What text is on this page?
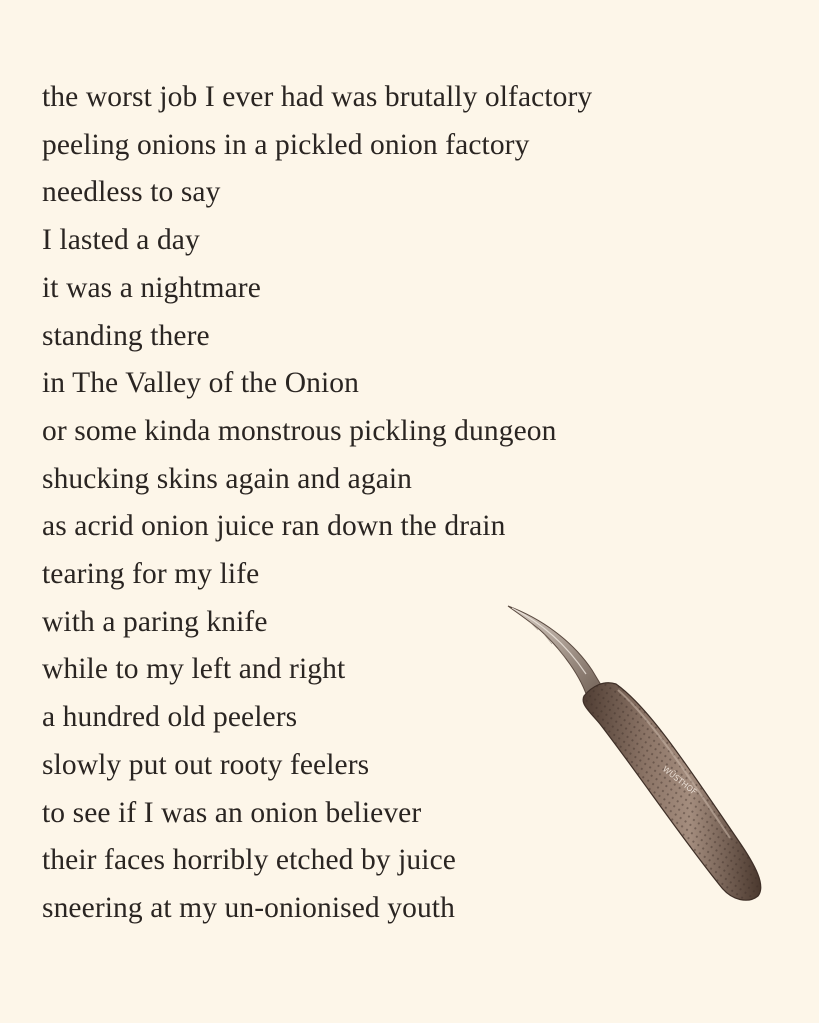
the worst job I ever had was brutally olfactory
peeling onions in a pickled onion factory
needless to say
I lasted a day
it was a nightmare
standing there
in The Valley of the Onion
or some kinda monstrous pickling dungeon
shucking skins again and again
as acrid onion juice ran down the drain
tearing for my life
with a paring knife
while to my left and right
a hundred old peelers
slowly put out rooty feelers
to see if I was an onion believer
their faces horribly etched by juice
sneering at my un-onionised youth
WÜSTHOF
